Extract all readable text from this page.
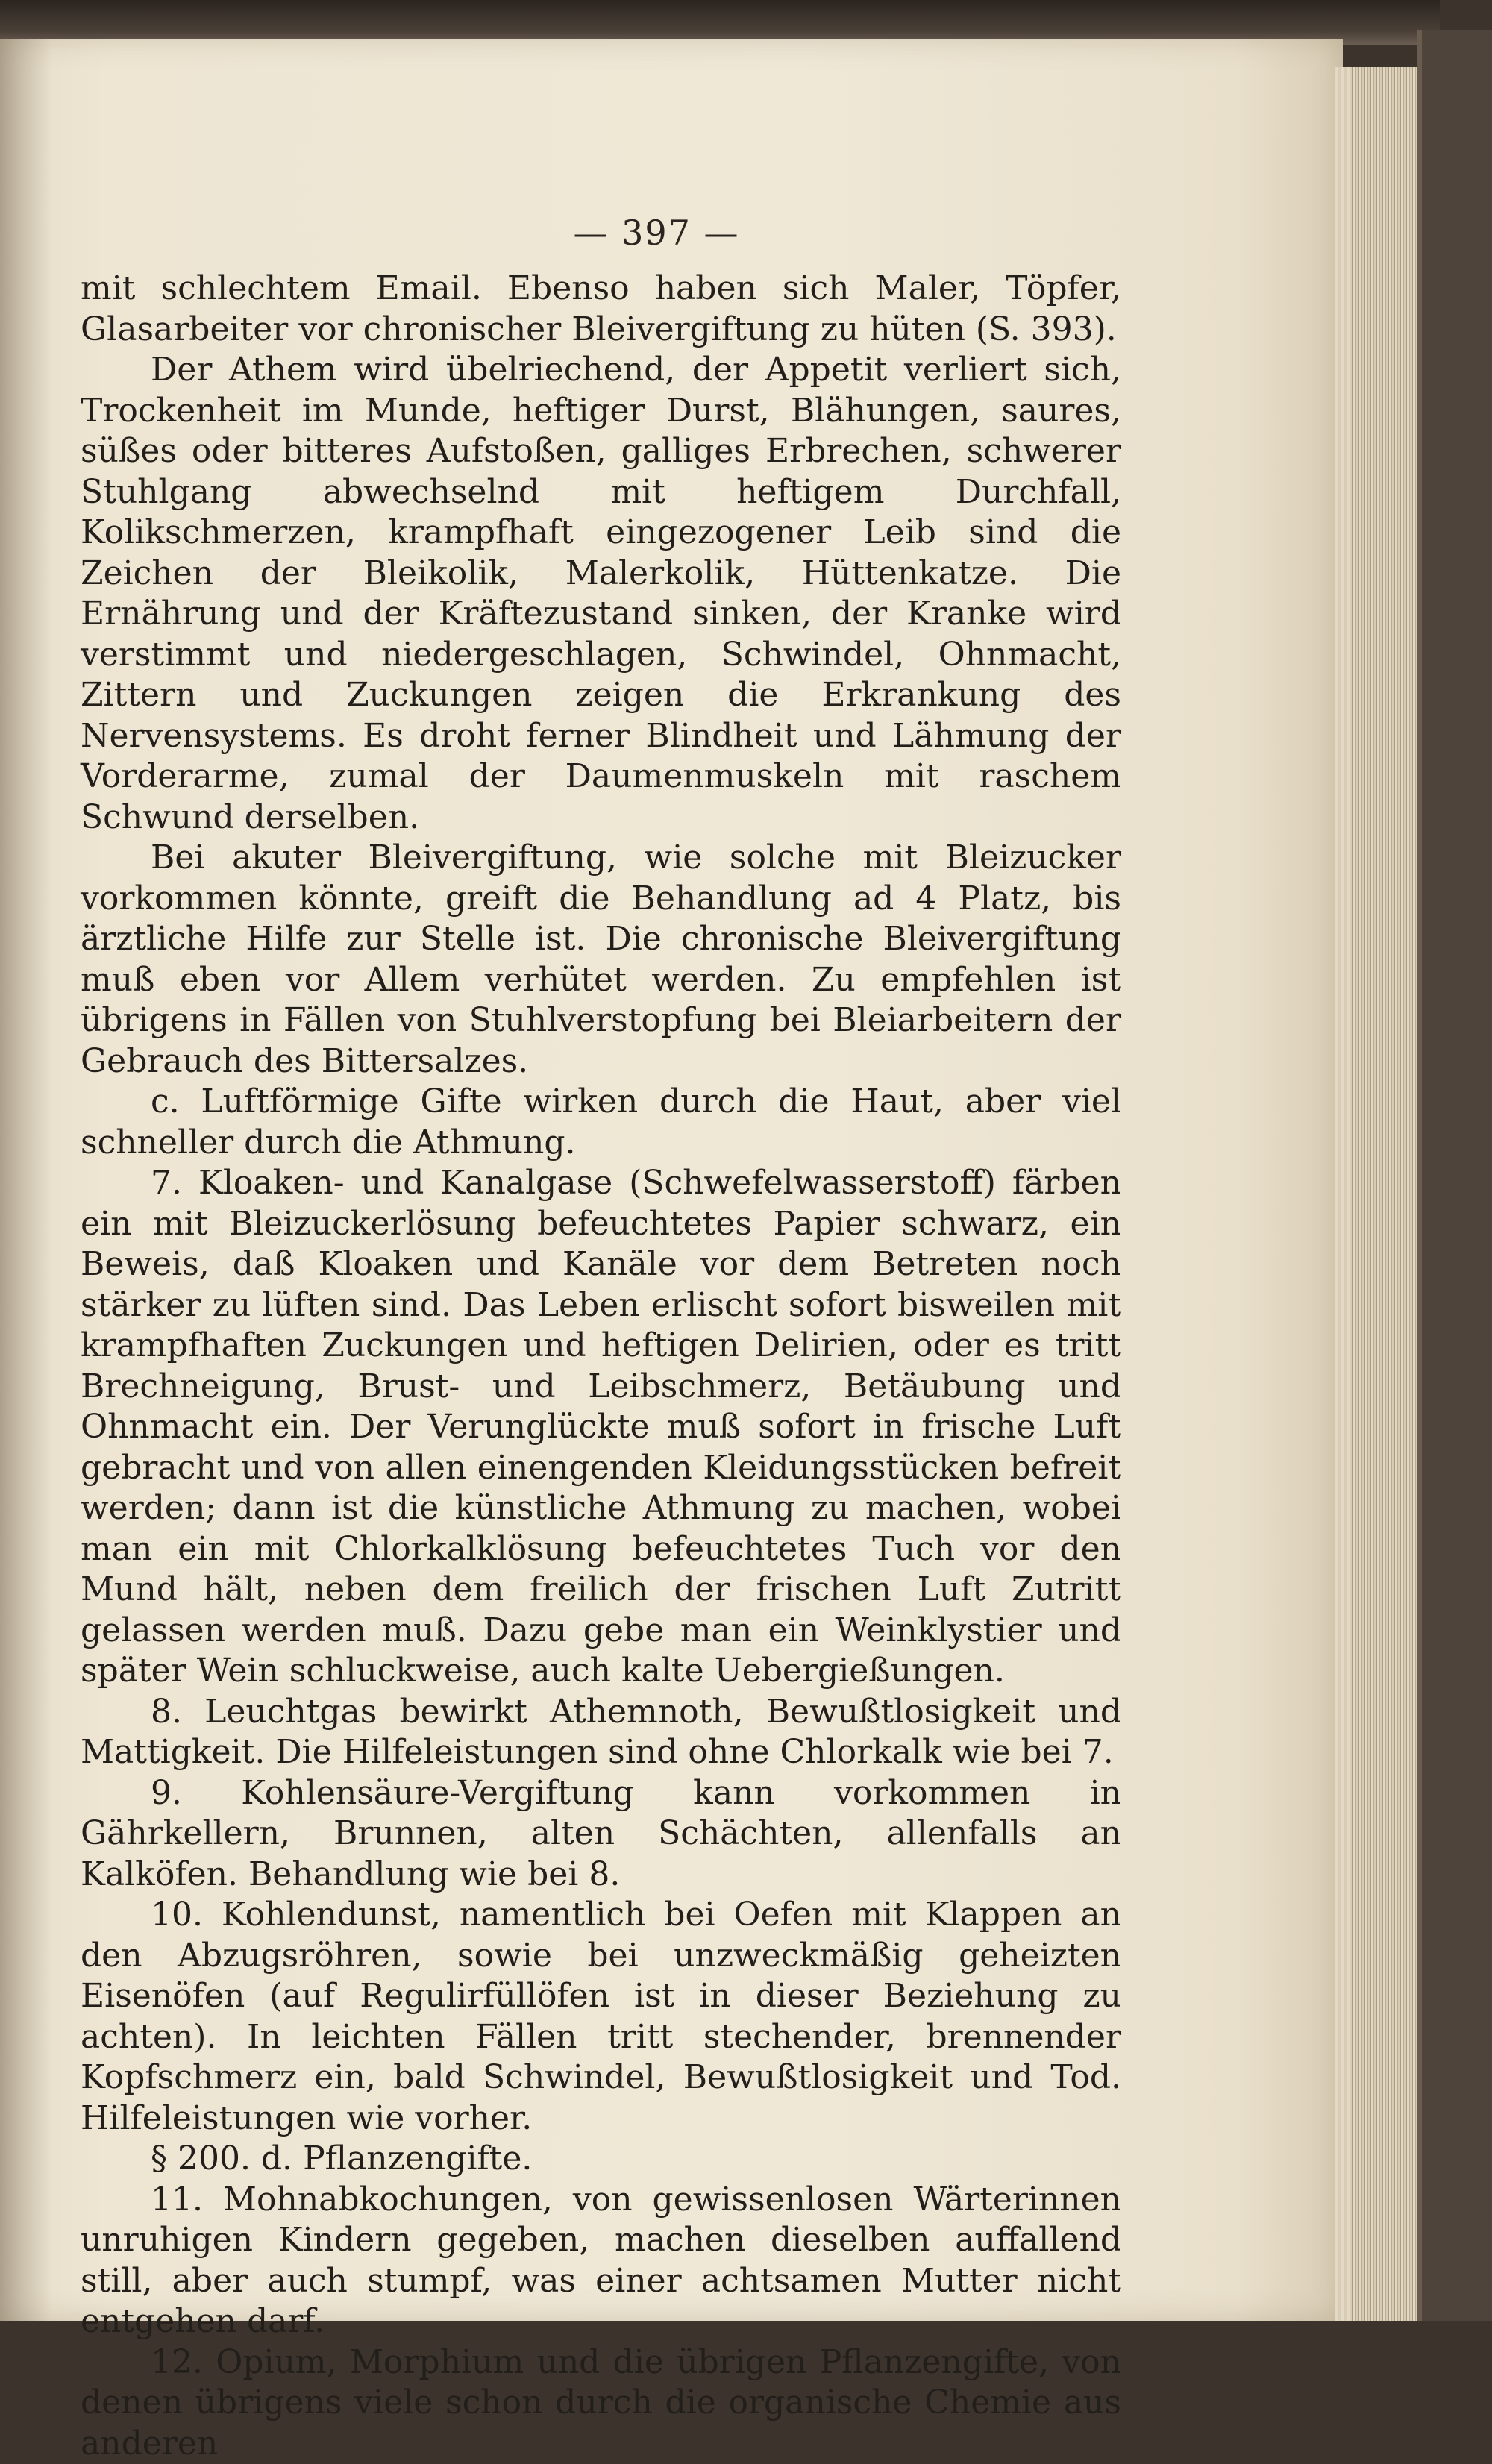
— 397 —

mit schlechtem Email. Ebenso haben sich Maler, Töpfer, Glasarbeiter vor chronischer Bleivergiftung zu hüten (S. 393).

Der Athem wird übelriechend, der Appetit verliert sich, Trockenheit im Munde, heftiger Durst, Blähungen, saures, süßes oder bitteres Aufstoßen, galliges Erbrechen, schwerer Stuhlgang abwechselnd mit heftigem Durchfall, Kolikschmerzen, krampfhaft eingezogener Leib sind die Zeichen der Bleikolik, Malerkolik, Hüttenkatze. Die Ernährung und der Kräftezustand sinken, der Kranke wird verstimmt und niedergeschlagen, Schwindel, Ohnmacht, Zittern und Zuckungen zeigen die Erkrankung des Nervensystems. Es droht ferner Blindheit und Lähmung der Vorderarme, zumal der Daumenmuskeln mit raschem Schwund derselben.

Bei akuter Bleivergiftung, wie solche mit Bleizucker vorkommen könnte, greift die Behandlung ad 4 Platz, bis ärztliche Hilfe zur Stelle ist. Die chronische Bleivergiftung muß eben vor Allem verhütet werden. Zu empfehlen ist übrigens in Fällen von Stuhlverstopfung bei Bleiarbeitern der Gebrauch des Bittersalzes.

c. Luftförmige Gifte wirken durch die Haut, aber viel schneller durch die Athmung.

7. Kloaken- und Kanalgase (Schwefelwasserstoff) färben ein mit Bleizuckerlösung befeuchtetes Papier schwarz, ein Beweis, daß Kloaken und Kanäle vor dem Betreten noch stärker zu lüften sind. Das Leben erlischt sofort bisweilen mit krampfhaften Zuckungen und heftigen Delirien, oder es tritt Brechneigung, Brust- und Leibschmerz, Betäubung und Ohnmacht ein. Der Verunglückte muß sofort in frische Luft gebracht und von allen einengenden Kleidungsstücken befreit werden; dann ist die künstliche Athmung zu machen, wobei man ein mit Chlorkalklösung befeuchtetes Tuch vor den Mund hält, neben dem freilich der frischen Luft Zutritt gelassen werden muß. Dazu gebe man ein Weinklystier und später Wein schluckweise, auch kalte Uebergießungen.

8. Leuchtgas bewirkt Athemnoth, Bewußtlosigkeit und Mattigkeit. Die Hilfeleistungen sind ohne Chlorkalk wie bei 7.

9. Kohlensäure-Vergiftung kann vorkommen in Gährkellern, Brunnen, alten Schächten, allenfalls an Kalköfen. Behandlung wie bei 8.

10. Kohlendunst, namentlich bei Oefen mit Klappen an den Abzugsröhren, sowie bei unzweckmäßig geheizten Eisenöfen (auf Regulirfüllöfen ist in dieser Beziehung zu achten). In leichten Fällen tritt stechender, brennender Kopfschmerz ein, bald Schwindel, Bewußtlosigkeit und Tod. Hilfeleistungen wie vorher.

§ 200. d. Pflanzengifte.

11. Mohnabkochungen, von gewissenlosen Wärterinnen unruhigen Kindern gegeben, machen dieselben auffallend still, aber auch stumpf, was einer achtsamen Mutter nicht entgehen darf.

12. Opium, Morphium und die übrigen Pflanzengifte, von denen übrigens viele schon durch die organische Chemie aus anderen
